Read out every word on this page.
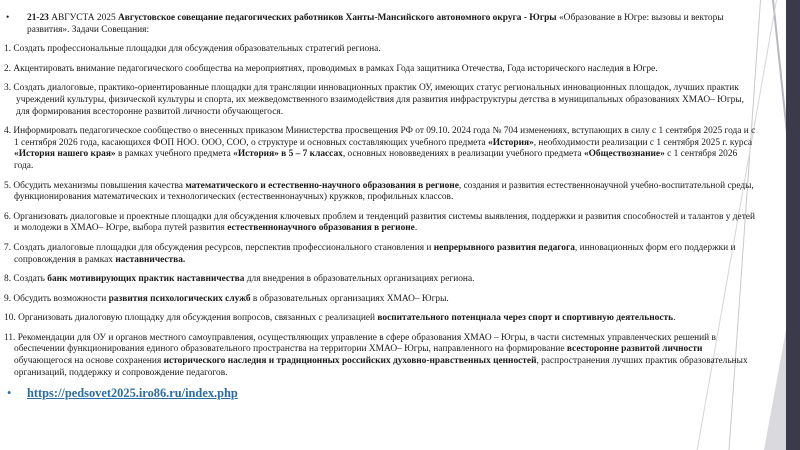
• 21-23 АВГУСТА 2025 Августовское совещание педагогических работников Ханты-Мансийского автономного округа - Югры «Образование в Югре: вызовы и векторы развития». Задачи Совещания:

1. Создать профессиональные площадки для обсуждения образовательных стратегий региона.

2. Акцентировать внимание педагогического сообщества на мероприятиях, проводимых в рамках Года защитника Отечества, Года исторического наследия в Югре.

3. Создать диалоговые, практико-ориентированные площадки для трансляции инновационных практик ОУ, имеющих статус региональных инновационных площадок, лучших практик учреждений культуры, физической культуры и спорта, их межведомственного взаимодействия для развития инфраструктуры детства в муниципальных образованиях ХМАО– Югры, для формирования всесторонне развитой личности обучающегося.

4. Информировать педагогическое сообщество о внесенных приказом Министерства просвещения РФ от 09.10. 2024 года № 704 изменениях, вступающих в силу с 1 сентября 2025 года и с 1 сентября 2026 года, касающихся ФОП НОО. ООО, СОО, о структуре и основных составляющих учебного предмета «История», необходимости реализации с 1 сентября 2025 г. курса «История нашего края» в рамках учебного предмета «История» в 5 – 7 классах, основных нововведениях в реализации учебного предмета «Обществознание» с 1 сентября 2026 года.

5. Обсудить механизмы повышения качества математического и естественно-научного образования в регионе, создания и развития естественнонаучной учебно-воспитательной среды, функционирования математических и технологических (естественнонаучных) кружков, профильных классов.

6. Организовать диалоговые и проектные площадки для обсуждения ключевых проблем и тенденций развития системы выявления, поддержки и развития способностей и талантов у детей и молодежи в ХМАО– Югре, выбора путей развития естественнонаучного образования в регионе.

7. Создать диалоговые площадки для обсуждения ресурсов, перспектив профессионального становления и непрерывного развития педагога, инновационных форм его поддержки и сопровождения в рамках наставничества.

8. Создать банк мотивирующих практик наставничества для внедрения в образовательных организациях региона.

9. Обсудить возможности развития психологических служб в образовательных организациях ХМАО– Югры.

10. Организовать диалоговую площадку для обсуждения вопросов, связанных с реализацией воспитательного потенциала через спорт и спортивную деятельность.

11. Рекомендации для ОУ и органов местного самоуправления, осуществляющих управление в сфере образования ХМАО – Югры, в части системных управленческих решений в обеспечении функционирования единого образовательного пространства на территории ХМАО– Югры, направленного на формирование всесторонне развитой личности обучающегося на основе сохранения исторического наследия и традиционных российских духовно-нравственных ценностей, распространения лучших практик образовательных организаций, поддержку и сопровождение педагогов.

• https://pedsovet2025.iro86.ru/index.php
